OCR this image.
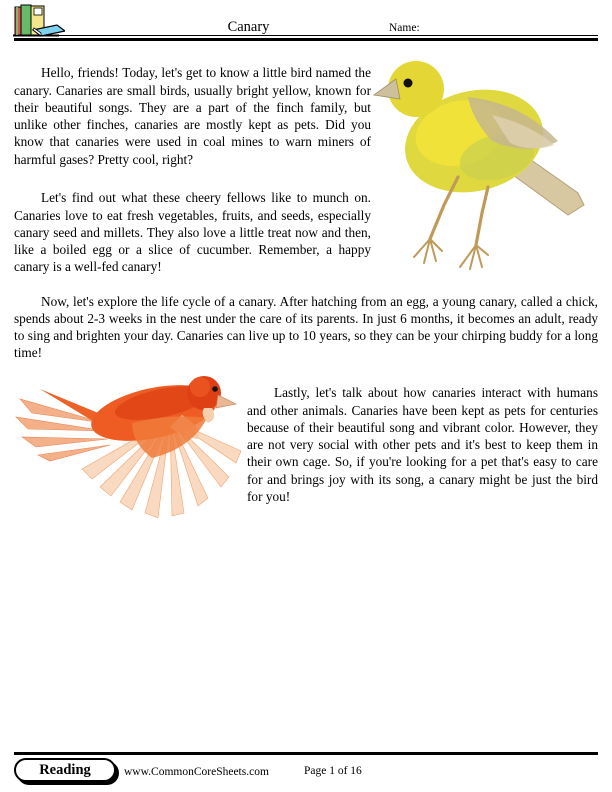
Canary	Name:

Hello, friends! Today, let's get to know a little bird named the canary. Canaries are small birds, usually bright yellow, known for their beautiful songs. They are a part of the finch family, but unlike other finches, canaries are mostly kept as pets. Did you know that canaries were used in coal mines to warn miners of harmful gases? Pretty cool, right?

Let's find out what these cheery fellows like to munch on. Canaries love to eat fresh vegetables, fruits, and seeds, especially canary seed and millets. They also love a little treat now and then, like a boiled egg or a slice of cucumber. Remember, a happy canary is a well-fed canary!

Now, let's explore the life cycle of a canary. After hatching from an egg, a young canary, called a chick, spends about 2-3 weeks in the nest under the care of its parents. In just 6 months, it becomes an adult, ready to sing and brighten your day. Canaries can live up to 10 years, so they can be your chirping buddy for a long time!

Lastly, let's talk about how canaries interact with humans and other animals. Canaries have been kept as pets for centuries because of their beautiful song and vibrant color. However, they are not very social with other pets and it's best to keep them in their own cage. So, if you're looking for a pet that's easy to care for and brings joy with its song, a canary might be just the bird for you!

Reading	www.CommonCoreSheets.com	Page 1 of 16
